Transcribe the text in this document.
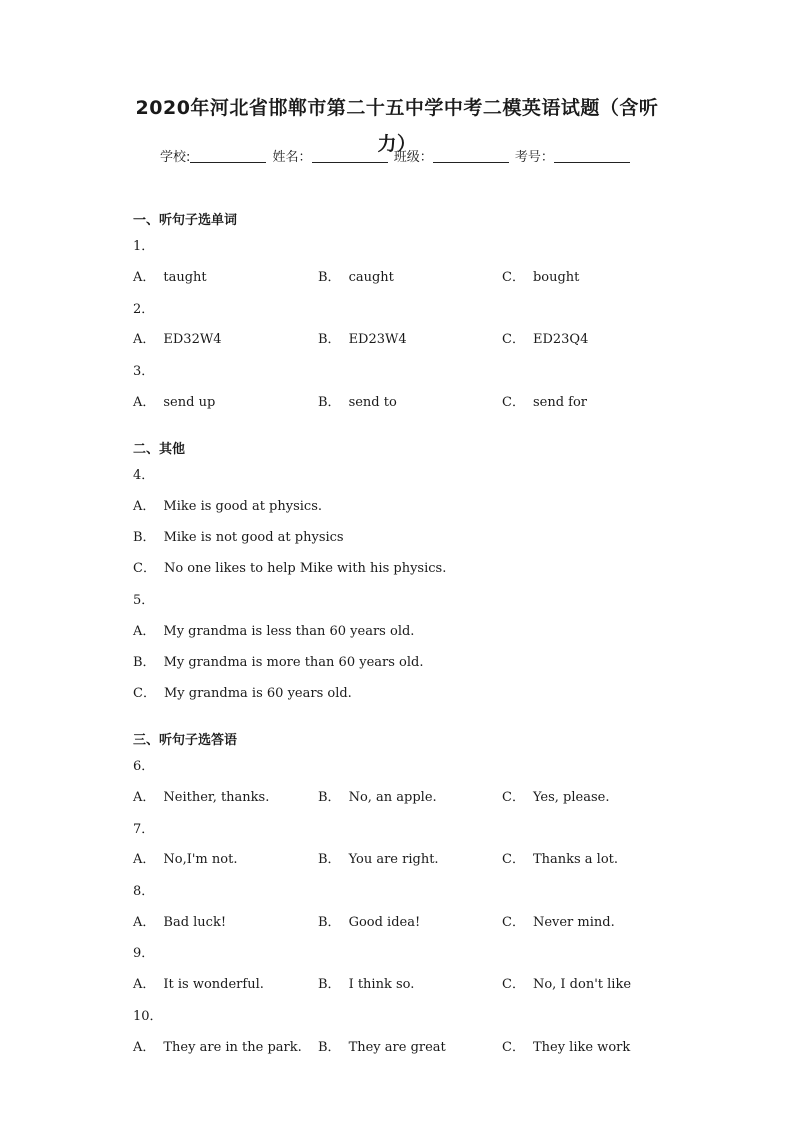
2020年河北省邯郸市第二十五中学中考二模英语试题（含听
力）
学校:	姓名：	班级：	考号：
一、听句子选单词
1．
A． taught	B． caught	C． bought
2．
A． ED32W4	B． ED23W4	C． ED23Q4
3．
A． send up	B． send to	C． send for
二、其他
4．
A． Mike is good at physics.
B． Mike is not good at physics
C． No one likes to help Mike with his physics.
5．
A． My grandma is less than 60 years old.
B． My grandma is more than 60 years old.
C． My grandma is 60 years old.
三、听句子选答语
6．
A． Neither, thanks.	B． No, an apple.	C． Yes, please.
7．
A． No,I'm not.	B． You are right.	C． Thanks a lot.
8．
A． Bad luck!	B． Good idea!	C． Never mind.
9．
A． It is wonderful.	B． I think so.	C． No, I don't like
10．
A． They are in the park. B． They are great	C． They like work
